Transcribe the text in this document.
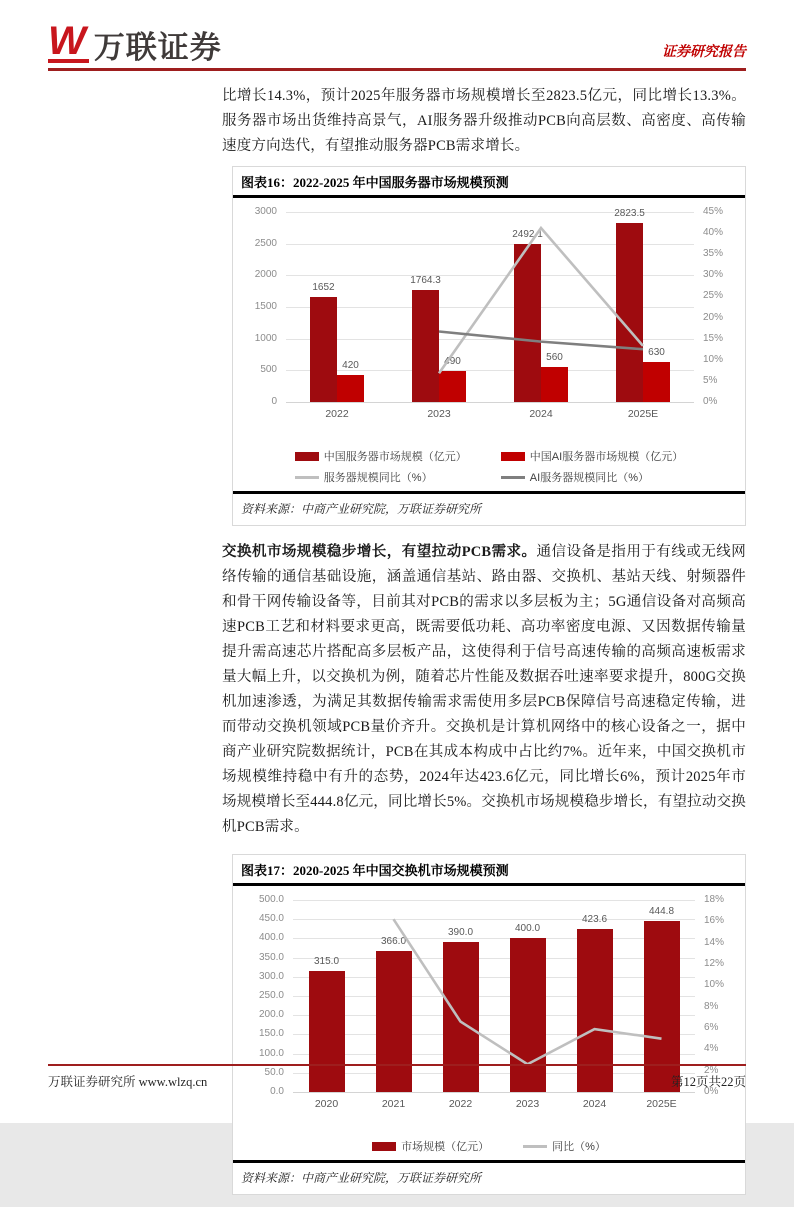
W 万联证券	证券研究报告

比增长14.3%，预计2025年服务器市场规模增长至2823.5亿元，同比增长13.3%。服务器市场出货维持高景气，AI服务器升级推动PCB向高层数、高密度、高传输速度方向迭代，有望推动服务器PCB需求增长。

图表16：2022-2025 年中国服务器市场规模预测
0
500
1000
1500
2000
2500
3000
0%
5%
10%
15%
20%
25%
30%
35%
40%
45%
1652
420
2022
1764.3
490
2023
2492.1
560
2024
2823.5
630
2025E
中国服务器市场规模（亿元）	中国AI服务器市场规模（亿元）
服务器规模同比（%）	AI服务器规模同比（%）
资料来源：中商产业研究院，万联证券研究所

交换机市场规模稳步增长，有望拉动PCB需求。通信设备是指用于有线或无线网络传输的通信基础设施，涵盖通信基站、路由器、交换机、基站天线、射频器件和骨干网传输设备等，目前其对PCB的需求以多层板为主；5G通信设备对高频高速PCB工艺和材料要求更高，既需要低功耗、高功率密度电源、又因数据传输量提升需高速芯片搭配高多层板产品，这使得利于信号高速传输的高频高速板需求量大幅上升，以交换机为例，随着芯片性能及数据吞吐速率要求提升，800G交换机加速渗透，为满足其数据传输需求需使用多层PCB保障信号高速稳定传输，进而带动交换机领域PCB量价齐升。交换机是计算机网络中的核心设备之一，据中商产业研究院数据统计，PCB在其成本构成中占比约7%。近年来，中国交换机市场规模维持稳中有升的态势，2024年达423.6亿元，同比增长6%，预计2025年市场规模增长至444.8亿元，同比增长5%。交换机市场规模稳步增长，有望拉动交换机PCB需求。

图表17：2020-2025 年中国交换机市场规模预测
0.0
50.0
100.0
150.0
200.0
250.0
300.0
350.0
400.0
450.0
500.0
0%
2%
4%
6%
8%
10%
12%
14%
16%
18%
315.0
2020
366.0
2021
390.0
2022
400.0
2023
423.6
2024
444.8
2025E
市场规模（亿元）	同比（%）
资料来源：中商产业研究院，万联证券研究所
万联证券研究所 www.wlzq.cn	第12页共22页
